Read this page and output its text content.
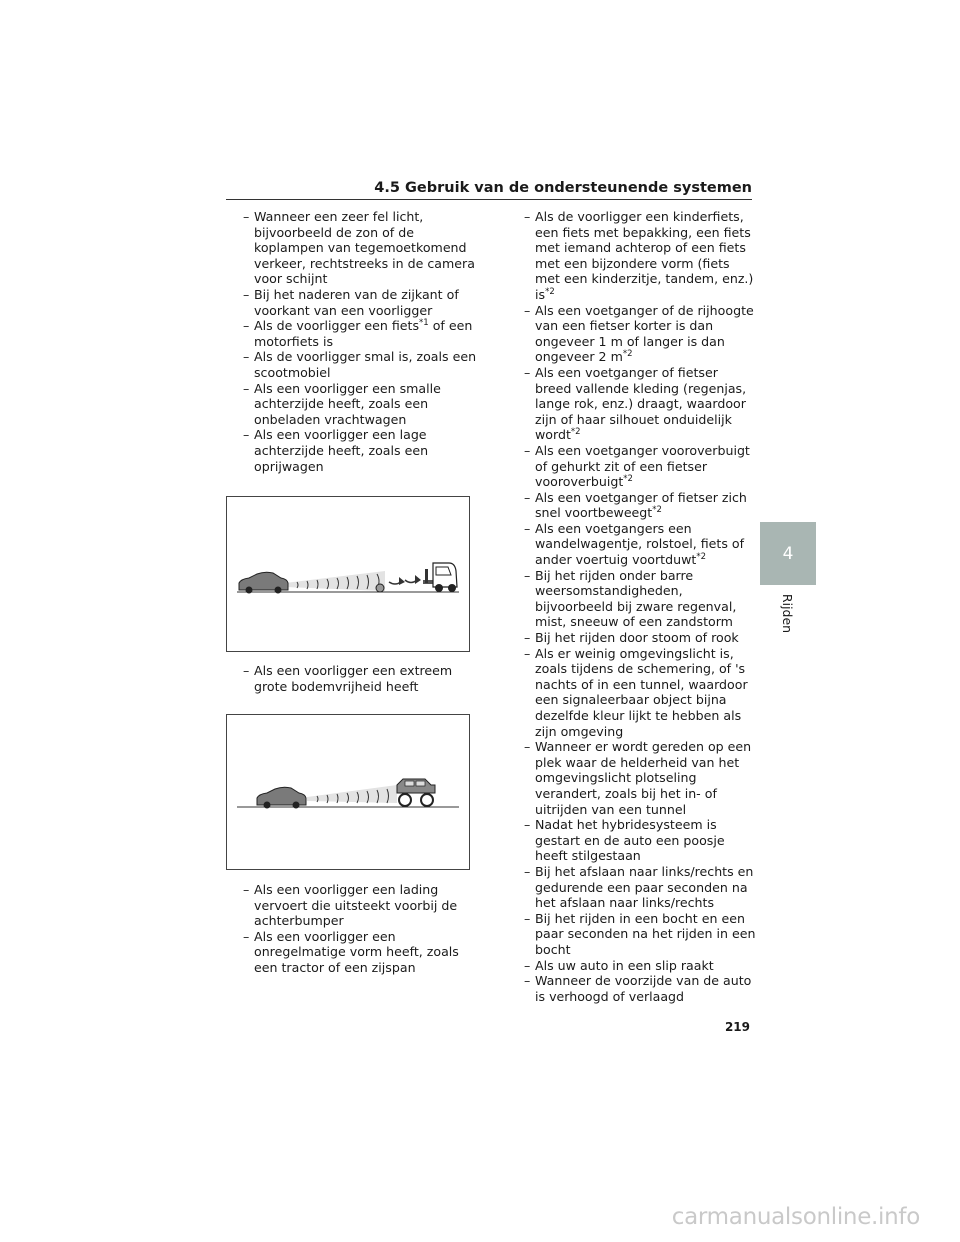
4.5 Gebruik van de ondersteunende systemen
– Wanneer een zeer fel licht, bijvoorbeeld de zon of de koplampen van tegemoetkomend verkeer, rechtstreeks in de camera voor schijnt
– Bij het naderen van de zijkant of voorkant van een voorligger
– Als de voorligger een fiets$^{*1}$ of een motorfiets is
– Als de voorligger smal is, zoals een scootmobiel
– Als een voorligger een smalle achterzijde heeft, zoals een onbeladen vrachtwagen
– Als een voorligger een lage achterzijde heeft, zoals een oprijwagen
– Als een voorligger een extreem grote bodemvrijheid heeft
– Als een voorligger een lading vervoert die uitsteekt voorbij de achterbumper
– Als een voorligger een onregelmatige vorm heeft, zoals een tractor of een zijspan
– Als de voorligger een kinderfiets, een fiets met bepakking, een fiets met iemand achterop of een fiets met een bijzondere vorm (fiets met een kinderzitje, tandem, enz.) $is^{*2}$
– Als een voetganger of de rijhoogte van een fietser korter is dan ongeveer 1 m of langer is dan ongeveer 2 $m^{*2}$
– Als een voetganger of fietser breed vallende kleding (regenjas, lange rok, enz.) draagt, waardoor zijn of haar silhouet onduidelijk wordt$^{*2}$
– Als een voetganger vooroverbuigt of gehurkt zit of een fietser vooroverbuigt$^{*2}$
– Als een voetganger of fietser zich snel voortbeweegt$^{*2}$
– Als een voetgangers een wandelwagentje, rolstoel, fiets of ander voertuig voortduwt$^{*2}$
– Bij het rijden onder barre weersomstandigheden, bijvoorbeeld bij zware regenval, mist, sneeuw of een zandstorm
– Bij het rijden door stoom of rook
– Als er weinig omgevingslicht is, zoals tijdens de schemering, of 's nachts of in een tunnel, waardoor een signaleerbaar object bijna dezelfde kleur lijkt te hebben als zijn omgeving
– Wanneer er wordt gereden op een plek waar de helderheid van het omgevingslicht plotseling verandert, zoals bij het in- of uitrijden van een tunnel
– Nadat het hybridesysteem is gestart en de auto een poosje heeft stilgestaan
– Bij het afslaan naar links/rechts en gedurende een paar seconden na het afslaan naar links/rechts
– Bij het rijden in een bocht en een paar seconden na het rijden in een bocht
– Als uw auto in een slip raakt
– Wanneer de voorzijde van de auto is verhoogd of verlaagd
4
Rijden
219
carmanualsonline.info
